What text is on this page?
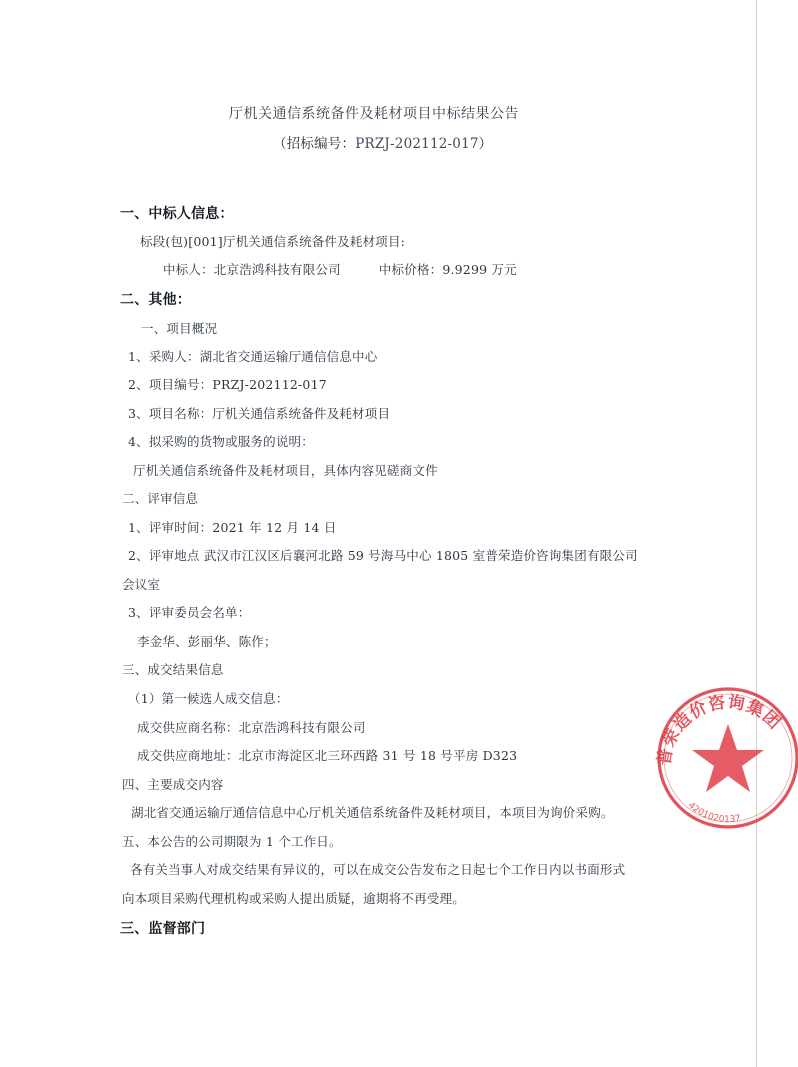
厅机关通信系统备件及耗材项目中标结果公告
（招标编号：PRZJ-202112-017）
一、中标人信息：
标段(包)[001]厅机关通信系统备件及耗材项目:
中标人：北京浩鸿科技有限公司	中标价格：9.9299 万元
二、其他：
一、项目概况
1、采购人：湖北省交通运输厅通信信息中心
2、项目编号：PRZJ-202112-017
3、项目名称：厅机关通信系统备件及耗材项目
4、拟采购的货物或服务的说明：
厅机关通信系统备件及耗材项目，具体内容见磋商文件
二、评审信息
1、评审时间：2021 年 12 月 14 日
2、评审地点 武汉市江汉区后襄河北路 59 号海马中心 1805 室普荣造价咨询集团有限公司
会议室
3、评审委员会名单：
李金华、彭丽华、陈作；
三、成交结果信息
（1）第一候选人成交信息：
成交供应商名称：北京浩鸿科技有限公司
成交供应商地址：北京市海淀区北三环西路 31 号 18 号平房 D323
四、主要成交内容
湖北省交通运输厅通信信息中心厅机关通信系统备件及耗材项目，本项目为询价采购。
五、本公告的公司期限为 1 个工作日。
各有关当事人对成交结果有异议的，可以在成交公告发布之日起七个工作日内以书面形式
向本项目采购代理机构或采购人提出质疑，逾期将不再受理。
三、监督部门
普荣造价咨询集团
4201020137
